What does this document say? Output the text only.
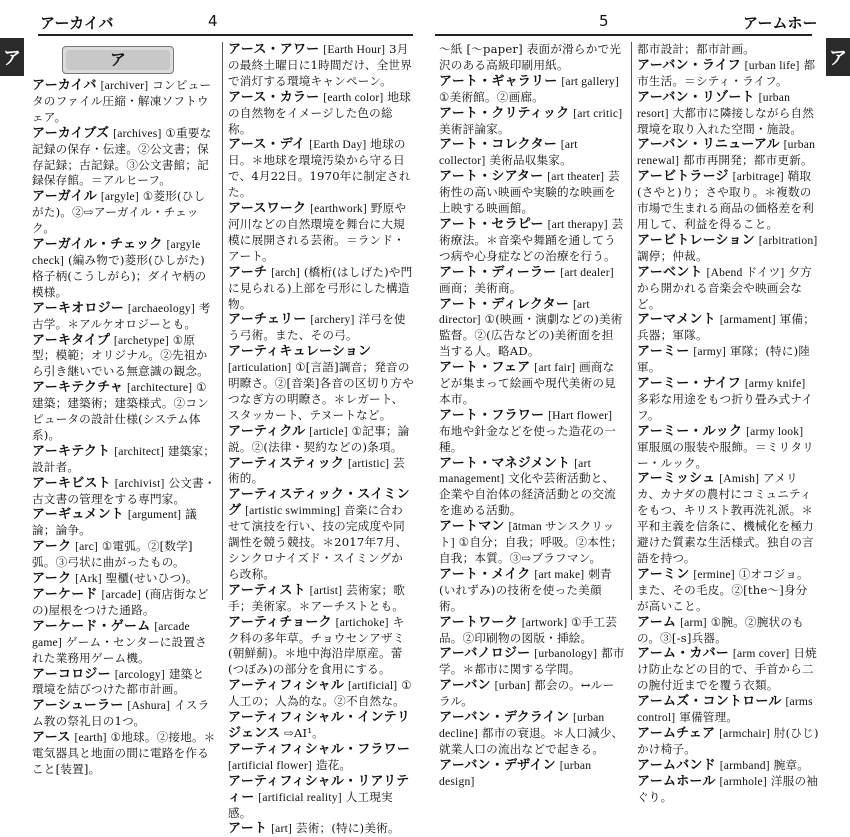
アーカイバ	4
ア	ア

アーカイバ [archiver] コンピュータのファイル圧縮・解凍ソフトウェア。

アーカイブズ [archives] ①重要な記録の保存・伝達。②公文書；保存記録；古記録。③公文書館；記録保存館。＝アルヒーフ。

アーガイル [argyle] ①菱形(ひしがた)。②⇨アーガイル・チェック。

アーガイル・チェック [argyle check] (編み物で)菱形(ひしがた)格子柄(こうしがら)；ダイヤ柄の模様。

アーキオロジー [archaeology] 考古学。＊アルケオロジーとも。

アーキタイプ [archetype] ①原型；模範；オリジナル。②先祖から引き継いでいる無意識の観念。

アーキテクチャ [architecture] ①建築；建築術；建築様式。②コンピュータの設計仕様(システム体系)。

アーキテクト [architect] 建築家；設計者。

アーキビスト [archivist] 公文書・古文書の管理をする専門家。

アーギュメント [argument] 議論；論争。

アーク [arc] ①電弧。②[数学]弧。③弓状に曲がったもの。

アーク [Ark] 聖櫃(せいひつ)。

アーケード [arcade] (商店街などの)屋根をつけた通路。

アーケード・ゲーム [arcade game] ゲーム・センターに設置された業務用ゲーム機。

アーコロジー [arcology] 建築と環境を結びつけた都市計画。

アーシューラー [Ashura] イスラム教の祭礼日の1つ。

アース [earth] ①地球。②接地。＊電気器具と地面の間に電路を作ること[装置]。

アース・アワー [Earth Hour] 3月の最終土曜日に1時間だけ、全世界で消灯する環境キャンペーン。

アース・カラー [earth color] 地球の自然物をイメージした色の総称。

アース・デイ [Earth Day] 地球の日。＊地球を環境汚染から守る日で、4月22日。1970年に制定された。

アースワーク [earthwork] 野原や河川などの自然環境を舞台に大規模に展開される芸術。＝ランド・アート。

アーチ [arch] (橋桁(はしげた)や門に見られる)上部を弓形にした構造物。

アーチェリー [archery] 洋弓を使う弓術。また、その弓。

アーティキュレーション [articulation] ①[言語]調音；発音の明瞭さ。②[音楽]各音の区切り方やつなぎ方の明瞭さ。＊レガート、スタッカート、テヌートなど。

アーティクル [article] ①記事；論説。②(法律・契約などの)条項。

アーティスティック [artistic] 芸術的。

アーティスティック・スイミング [artistic swimming] 音楽に合わせて演技を行い、技の完成度や同調性を競う競技。＊2017年7月、シンクロナイズド・スイミングから改称。

アーティスト [artist] 芸術家；歌手；美術家。＊アーチストとも。

アーティチョーク [artichoke] キク科の多年草。チョウセンアザミ(朝鮮薊)。＊地中海沿岸原産。蕾(つぼみ)の部分を食用にする。

アーティフィシャル [artificial] ①人工の；人為的な。②不自然な。

アーティフィシャル・インテリジェンス ⇨AI¹。

アーティフィシャル・フラワー [artificial flower] 造花。

アーティフィシャル・リアリティー [artificial reality] 人工現実感。

アート [art] 芸術；(特に)美術。

5	アームホー
ア

〜紙 [〜paper] 表面が滑らかで光沢のある高級印刷用紙。

アート・ギャラリー [art gallery] ①美術館。②画廊。

アート・クリティック [art critic] 美術評論家。

アート・コレクター [art collector] 美術品収集家。

アート・シアター [art theater] 芸術性の高い映画や実験的な映画を上映する映画館。

アート・セラピー [art therapy] 芸術療法。＊音楽や舞踊を通してうつ病や心身症などの治療を行う。

アート・ディーラー [art dealer] 画商；美術商。

アート・ディレクター [art director] ①(映画・演劇などの)美術監督。②(広告などの)美術面を担当する人。略AD。

アート・フェア [art fair] 画商などが集まって絵画や現代美術の見本市。

アート・フラワー [Hart flower] 布地や針金などを使った造花の一種。

アート・マネジメント [art management] 文化や芸術活動と、企業や自治体の経済活動との交流を進める活動。

アートマン [ātman サンスクリット] ①自分；自我；呼吸。②本性；自我；本質。③⇨ブラフマン。

アート・メイク [art make] 刺青(いれずみ)の技術を使った美顔術。

アートワーク [artwork] ①手工芸品。②印刷物の図版・挿絵。

アーバノロジー [urbanology] 都市学。＊都市に関する学問。

アーバン [urban] 都会の。↔ルーラル。

アーバン・デクライン [urban decline] 都市の衰退。＊人口減少、就業人口の流出などで起きる。

アーバン・デザイン [urban design]

都市設計；都市計画。

アーバン・ライフ [urban life] 都市生活。＝シティ・ライフ。

アーバン・リゾート [urban resort] 大都市に隣接しながら自然環境を取り入れた空間・施設。

アーバン・リニューアル [urban renewal] 都市再開発；都市更新。

アービトラージ [arbitrage] 鞘取(さやと)り；さや取り。＊複数の市場で生まれる商品の価格差を利用して、利益を得ること。

アービトレーション [arbitration] 調停；仲裁。

アーベント [Abend ドイツ] 夕方から開かれる音楽会や映画会など。

アーマメント [armament] 軍備；兵器；軍隊。

アーミー [army] 軍隊；(特に)陸軍。

アーミー・ナイフ [army knife] 多彩な用途をもつ折り畳み式ナイフ。

アーミー・ルック [army look] 軍服風の服装や服飾。＝ミリタリー・ルック。

アーミッシュ [Amish] アメリカ、カナダの農村にコミュニティをもつ、キリスト教再洗礼派。＊平和主義を信条に、機械化を極力避けた質素な生活様式。独自の言語を持つ。

アーミン [ermine] ①オコジョ。また、その毛皮。②[the〜]身分が高いこと。

アーム [arm] ①腕。②腕状のもの。③[-s]兵器。

アーム・カバー [arm cover] 日焼け防止などの目的で、手首から二の腕付近までを覆う衣類。

アームズ・コントロール [arms control] 軍備管理。

アームチェア [armchair] 肘(ひじ)かけ椅子。

アームバンド [armband] 腕章。

アームホール [armhole] 洋服の袖ぐり。
